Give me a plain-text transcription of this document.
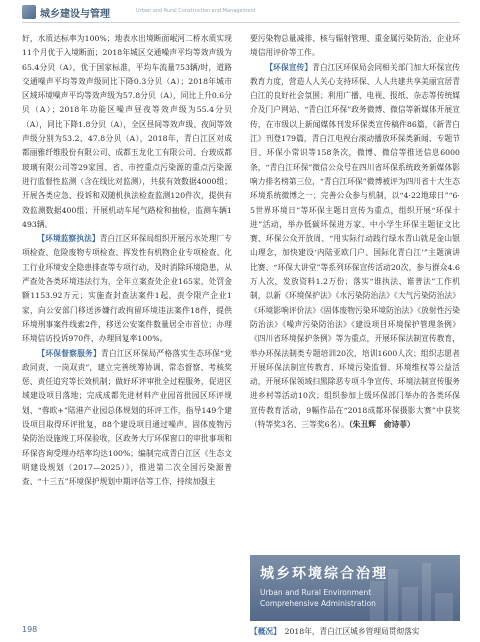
城乡建设与管理	Urban and Rural Construction and Management

好，水质达标率为100%；地表水出境断面岷河二桥水质实现11个月优于入境断面；2018年城区交通噪声平均等效声级为65.4分贝（A），优于国家标准，平均车流量753辆/时，道路交通噪声平均等效声级同比下降0.3分贝（A）；2018年城市区域环境噪声平均等效声级为57.8分贝（A），同比上升0.6分贝（A）；2018年功能区噪声昼夜等效声级为55.4分贝（A），同比下降1.8分贝（A），全区昼间等效声级、夜间等效声级分别为53.2、47.8分贝（A），2018年，青白江区对成都丽雅纤维股份有限公司、成都玉龙化工有限公司、台玻成都玻璃有限公司等29家国、省、市控重点污染源的重点污染源进行监督性监测（含在线比对监测），共获有效数据4000组；开展各类应急、投诉和双随机执法检查监测120件次，提供有效监测数据400组；开展机动车尾气路检和抽检，监测车辆1493辆。

【环境监察执法】青白江区环保局组织开展污水处理厂专项检查、危险废物专项检查、挥发性有机物企业专项检查、化工行业环境安全隐患排查等专项行动，及时消除环境隐患，从严查处各类环境违法行为，全年立案查处企业165家，处罚金额1153.92万元；实施查封查法案件1起，责令限产企业1家，向公安部门移送涉嫌行政拘留环境违法案件18件，提供环境刑事案件线索2件，移送公安案件数量居全市首位；办理环境信访投诉970件，办理回复率100%。

【环保督察服务】青白江区环保局严格落实生态环保“党政同责、一岗双责”，建立完善统筹协调、常态督察、考核奖惩、责任追究等长效机制；做好环评审批全过程服务，促进区域建设项目落地；完成成都先进材料产业园首批园区环评规划、“蓉欧+”陆港产业园总体规划的环评工作，指导149个建设项目取得环评批复，88个建设项目通过噪声、固体废物污染防治设施竣工环保验收，区政务大厅环保窗口的审批事项和环保咨询受理办结率均达100%；编制完成青白江区《生态文明建设规划（2017—2025）》，推进第二次全国污染源普查、“十三五”环境保护规划中期评估等工作，持续加强主

要污染物总量减排、核与辐射管理、重金属污染防治、企业环境信用评价等工作。

【环保宣传】青白江区环保局会同相关部门加大环保宣传教育力度，营造人人关心支持环保、人人共建共享美丽宜居青白江的良好社会氛围；利用广播、电视、报纸、杂志等传统媒介及门户网站、“青白江环保”政务微博、微信等新媒体开展宣传，在市级以上新闻媒体刊发环保类宣传稿件86篇，《新青白江》刊登179篇，青白江电视台滚动播放环保类新闻、专题节目、环保小常识等158条次，微博、微信等推送信息6000条，“青白江环保”微信公众号在四川省环保系统政务新媒体影响力排名榜第三位，“青白江环保”微博被评为四川省十大生态环境系统微博之一；完善公众参与机制，以“4·22地球日”“6·5世界环境日”等环保主题日宣传为重点，组织开展“环保十进”活动，举办低碳环保进万家、中小学生环保主题征文比赛、环保公众开放周、“用实际行动践行绿水青山就是金山银山理念，加快建设‘内陆亚欧门户、国际化青白江’”主题演讲比赛、“环保大讲堂”等系列环保宣传活动20次，参与群众4.6万人次，发放资料1.2万份；落实“谁执法、谁普法”工作机制，以新《环境保护法》《水污染防治法》《大气污染防治法》《环境影响评价法》《固体废物污染环境防治法》《放射性污染防治法》《噪声污染防治法》《建设项目环境保护管理条例》《四川省环境保护条例》等为重点，开展环保法制宣传教育，举办环保法制类专题培训20次，培训1600人次；组织志愿者开展环保法制宣传教育、环境污染监督、环境维权等公益活动，开展环保领域扫黑除恶专项斗争宣传、环境法制宣传服务进乡村等活动10次；组织参加上级环保部门举办的各类环保宣传教育活动，9幅作品在“2018成都环保摄影大赛”中获奖（特等奖3名、三等奖6名）。（朱丑辉　俞诗菲）

城乡环境综合治理
Urban and Rural Environment
Comprehensive Administration
【概况】 2018年，青白江区城乡管理局贯彻落实
198
